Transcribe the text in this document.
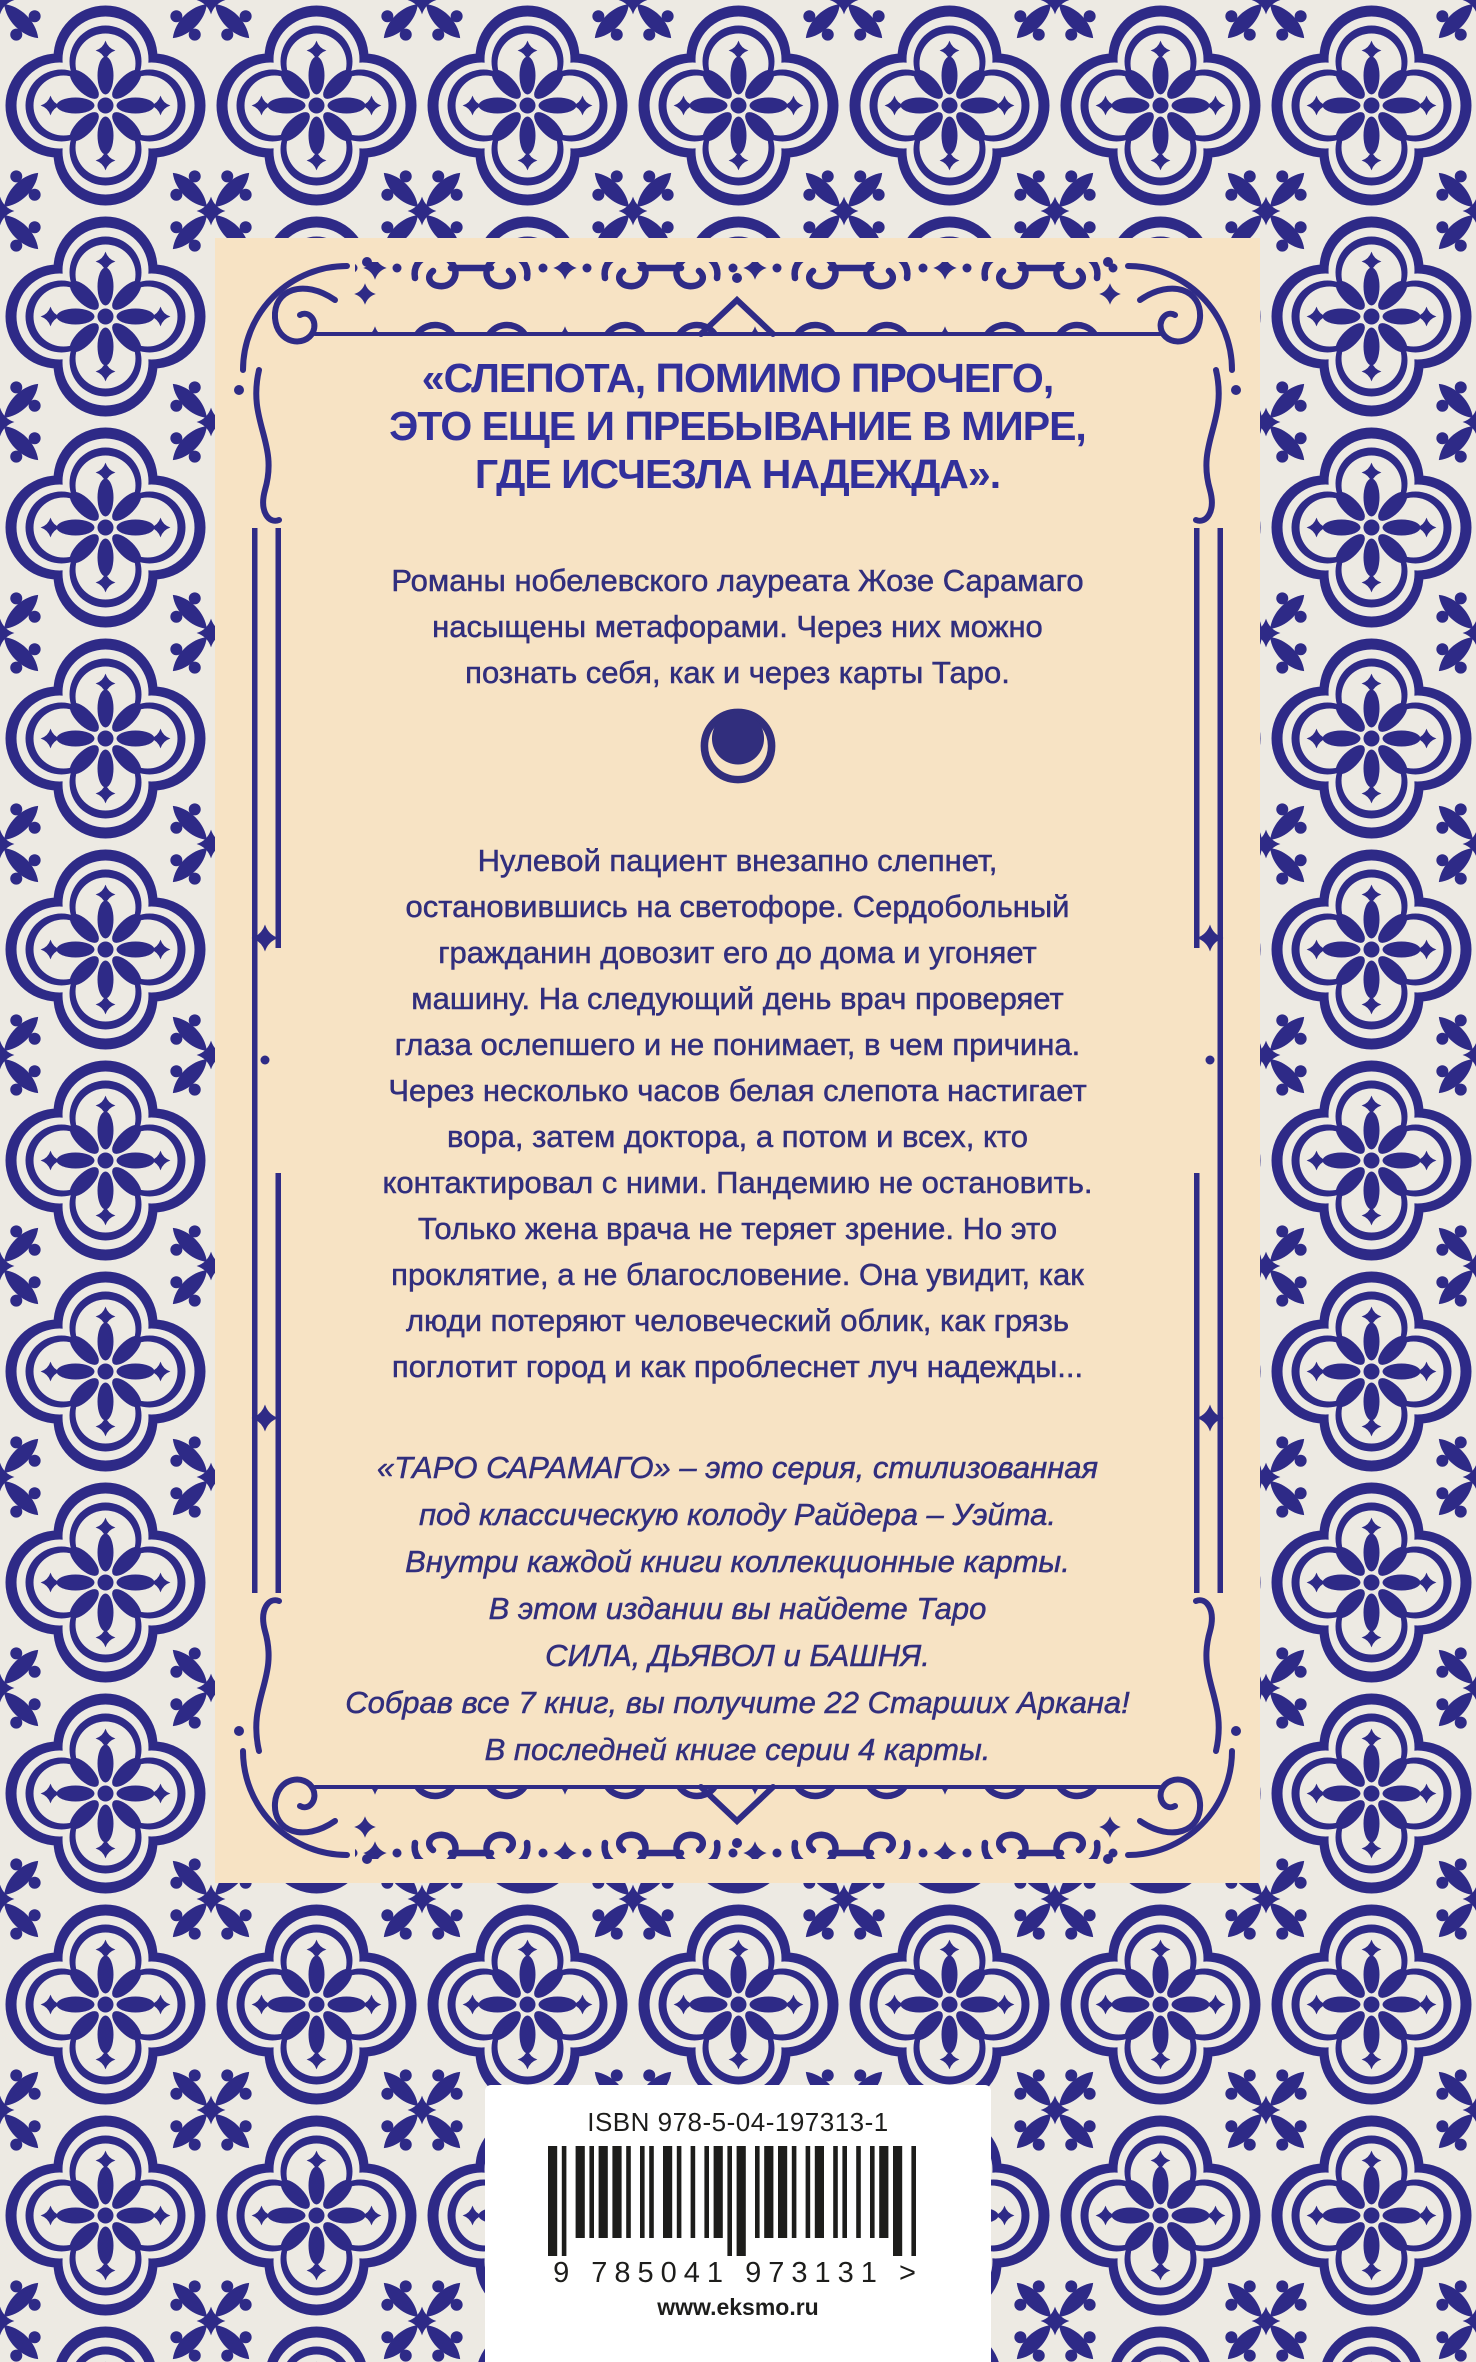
«СЛЕПОТА, ПОМИМО ПРОЧЕГО,
ЭТО ЕЩЕ И ПРЕБЫВАНИЕ В МИРЕ,
ГДЕ ИСЧЕЗЛА НАДЕЖДА».
Романы нобелевского лауреата Жозе Сарамаго
насыщены метафорами. Через них можно
познать себя, как и через карты Таро.
Нулевой пациент внезапно слепнет,
остановившись на светофоре. Сердобольный
гражданин довозит его до дома и угоняет
машину. На следующий день врач проверяет
глаза ослепшего и не понимает, в чем причина.
Через несколько часов белая слепота настигает
вора, затем доктора, а потом и всех, кто
контактировал с ними. Пандемию не остановить.
Только жена врача не теряет зрение. Но это
проклятие, а не благословение. Она увидит, как
люди потеряют человеческий облик, как грязь
поглотит город и как проблеснет луч надежды...
«ТАРО САРАМАГО» – это серия, стилизованная
под классическую колоду Райдера – Уэйта.
Внутри каждой книги коллекционные карты.
В этом издании вы найдете Таро
СИЛА, ДЬЯВОЛ и БАШНЯ.
Собрав все 7 книг, вы получите 22 Старших Аркана!
В последней книге серии 4 карты.
ISBN 978-5-04-197313-1
9 785041 973131 >
www.eksmo.ru
